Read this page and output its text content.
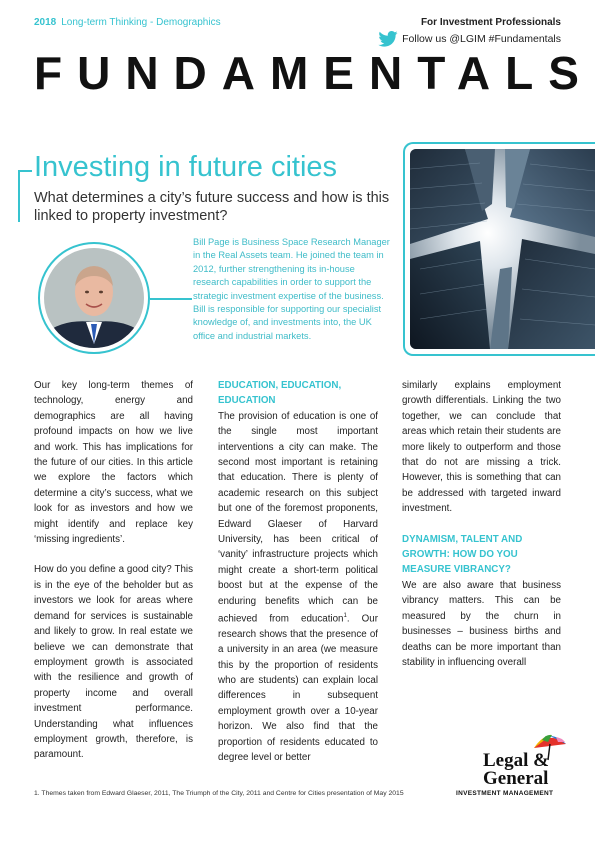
2018 Long-term Thinking - Demographics	For Investment Professionals
Follow us @LGIM #Fundamentals
FUNDAMENTALS
Investing in future cities
What determines a city’s future success and how is this linked to property investment?
Bill Page is Business Space Research Manager in the Real Assets team. He joined the team in 2012, further strengthening its in-house research capabilities in order to support the strategic investment expertise of the business. Bill is responsible for supporting our specialist knowledge of, and investments into, the UK office and industrial markets.

Our key long-term themes of technology, energy and demographics are all having profound impacts on how we live and work. This has implications for the future of our cities. In this article we explore the factors which determine a city’s success, what we look for as investors and how we might identify and replace key ‘missing ingredients’.

How do you define a good city? This is in the eye of the beholder but as investors we look for areas where demand for services is sustainable and likely to grow. In real estate we believe we can demonstrate that employment growth is associated with the resilience and growth of property income and overall investment performance. Understanding what influences employment growth, therefore, is paramount.

EDUCATION, EDUCATION, EDUCATION

The provision of education is one of the single most important interventions a city can make. The second most important is retaining that education. There is plenty of academic research on this subject but one of the foremost proponents, Edward Glaeser of Harvard University, has been critical of ‘vanity’ infrastructure projects which might create a short-term political boost but at the expense of the enduring benefits which can be achieved from education$^1$. Our research shows that the presence of a university in an area (we measure this by the proportion of residents who are students) can explain local differences in subsequent employment growth over a 10-year horizon. We also find that the proportion of residents educated to degree level or better

similarly explains employment growth differentials. Linking the two together, we can conclude that areas which retain their students are more likely to outperform and those that do not are missing a trick. However, this is something that can be addressed with targeted inward investment.

DYNAMISM, TALENT AND GROWTH: HOW DO YOU MEASURE VIBRANCY?

We are also aware that business vibrancy matters. This can be measured by the churn in businesses – business births and deaths can be more important than stability in influencing overall

1. Themes taken from Edward Glaeser, 2011, The Triumph of the City, 2011 and Centre for Cities presentation of May 2015
Legal &
General
INVESTMENT MANAGEMENT
